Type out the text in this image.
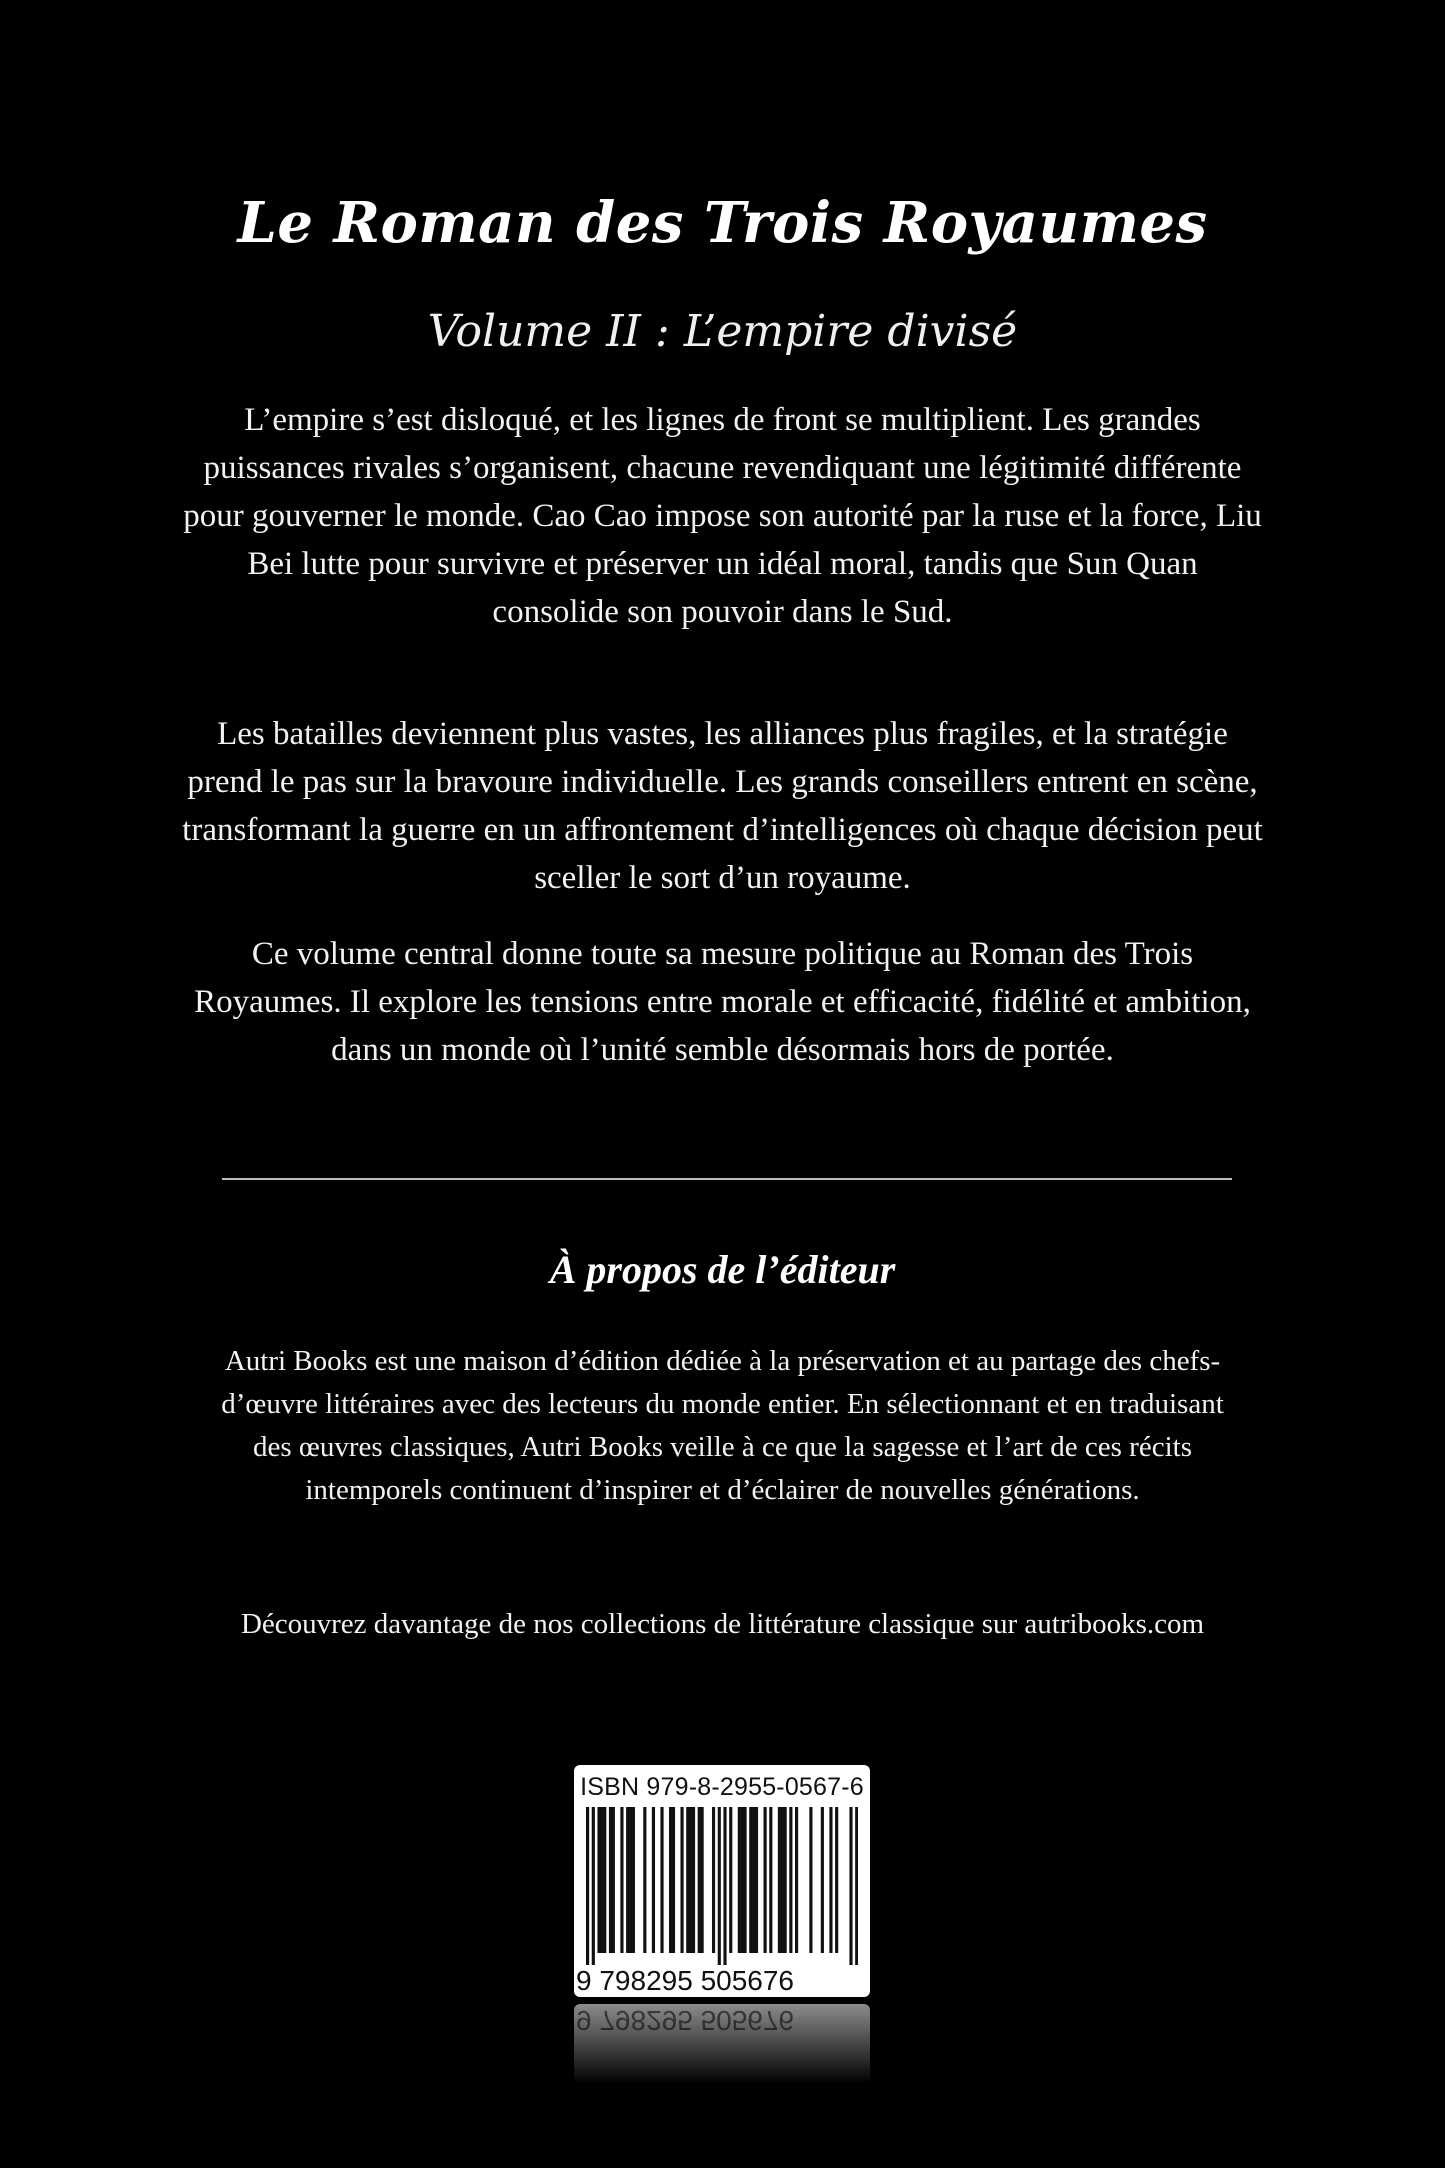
Le Roman des Trois Royaumes
Volume II : L’empire divisé
L’empire s’est disloqué, et les lignes de front se multiplient. Les grandes puissances rivales s’organisent, chacune revendiquant une légitimité différente pour gouverner le monde. Cao Cao impose son autorité par la ruse et la force, Liu Bei lutte pour survivre et préserver un idéal moral, tandis que Sun Quan consolide son pouvoir dans le Sud.
Les batailles deviennent plus vastes, les alliances plus fragiles, et la stratégie prend le pas sur la bravoure individuelle. Les grands conseillers entrent en scène, transformant la guerre en un affrontement d’intelligences où chaque décision peut sceller le sort d’un royaume.
Ce volume central donne toute sa mesure politique au Roman des Trois Royaumes. Il explore les tensions entre morale et efficacité, fidélité et ambition, dans un monde où l’unité semble désormais hors de portée.
À propos de l’éditeur
Autri Books est une maison d’édition dédiée à la préservation et au partage des chefs-d’œuvre littéraires avec des lecteurs du monde entier. En sélectionnant et en traduisant des œuvres classiques, Autri Books veille à ce que la sagesse et l’art de ces récits intemporels continuent d’inspirer et d’éclairer de nouvelles générations.
Découvrez davantage de nos collections de littérature classique sur autribooks.com
ISBN 979-8-2955-0567-6
9 798295 505676
9 798295 505676
